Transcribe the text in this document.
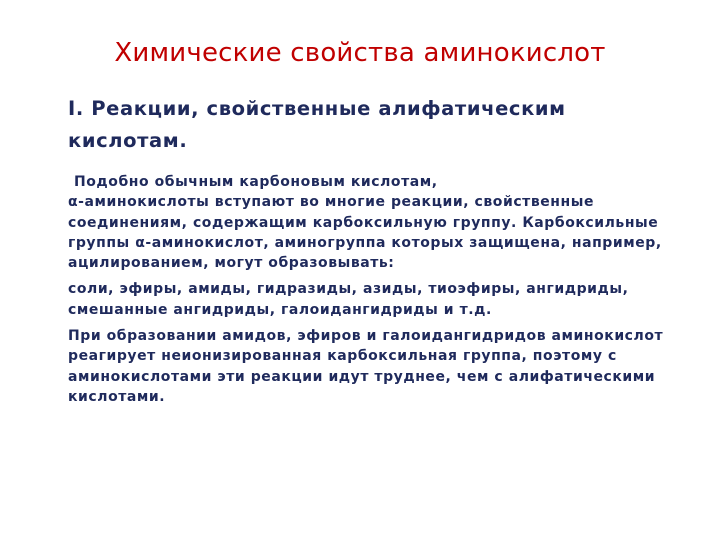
Химические свойства аминокислот
I. Реакции, свойственные алифатическим кислотам.

Подобно обычным карбоновым кислотам,

α-аминокислоты вступают во многие реакции, свойственные соединениям, содержащим карбоксильную группу. Карбоксильные группы α-аминокислот, аминогруппа которых защищена, например, ацилированием, могут образовывать:

соли, эфиры, амиды, гидразиды, азиды, тиоэфиры, ангидриды, смешанные ангидриды, галоидангидриды и т.д.

При образовании амидов, эфиров и галоидангидридов аминокислот реагирует неионизированная карбоксильная группа, поэтому с аминокислотами эти реакции идут труднее, чем с алифатическими кислотами.
